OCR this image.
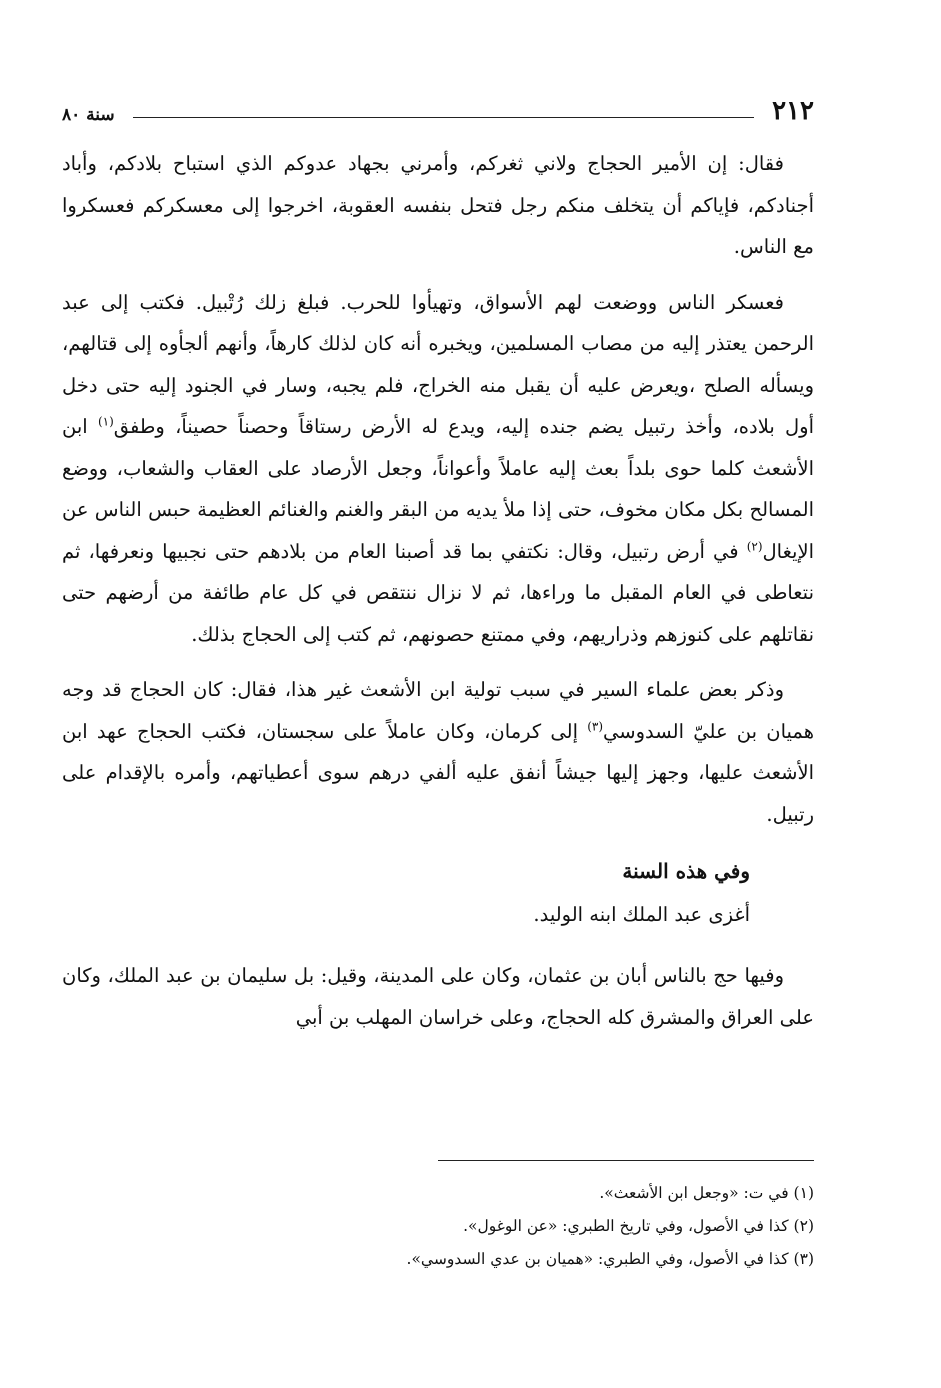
٢١٢
سنة ٨٠

فقال: إن الأمير الحجاج ولاني ثغركم، وأمرني بجهاد عدوكم الذي استباح بلادكم، وأباد أجنادكم، فإياكم أن يتخلف منكم رجل فتحل بنفسه العقوبة، اخرجوا إلى معسكركم فعسكروا مع الناس.

فعسكر الناس ووضعت لهم الأسواق، وتهيأوا للحرب. فبلغ زلك رُتْبيل. فكتب إلى عبد الرحمن يعتذر إليه من مصاب المسلمين، ويخبره أنه كان لذلك كارهاً، وأنهم ألجأوه إلى قتالهم، ويسأله الصلح ،ويعرض عليه أن يقبل منه الخراج، فلم يجبه، وسار في الجنود إليه حتى دخل أول بلاده، وأخذ رتبيل يضم جنده إليه، ويدع له الأرض رستاقاً وحصناً حصيناً، وطفق$^{(١)}$ ابن الأشعث كلما حوى بلداً بعث إليه عاملاً وأعواناً، وجعل الأرصاد على العقاب والشعاب، ووضع المسالح بكل مكان مخوف، حتى إذا ملأ يديه من البقر والغنم والغنائم العظيمة حبس الناس عن الإيغال$^{(٢)}$ في أرض رتبيل، وقال: نكتفي بما قد أصبنا العام من بلادهم حتى نجبيها ونعرفها، ثم نتعاطى في العام المقبل ما وراءها، ثم لا نزال ننتقص في كل عام طائفة من أرضهم حتى نقاتلهم على كنوزهم وذراريهم، وفي ممتنع حصونهم، ثم كتب إلى الحجاج بذلك.

وذكر بعض علماء السير في سبب تولية ابن الأشعث غير هذا، فقال: كان الحجاج قد وجه هميان بن عليّ السدوسي$^{(٣)}$ إلى كرمان، وكان عاملاً على سجستان، فكتب الحجاج عهد ابن الأشعث عليها، وجهز إليها جيشاً أنفق عليه ألفي درهم سوى أعطياتهم، وأمره بالإقدام على رتبيل.

وفي هذه السنة

أغزى عبد الملك ابنه الوليد.

وفيها حج بالناس أبان بن عثمان، وكان على المدينة، وقيل: بل سليمان بن عبد الملك، وكان على العراق والمشرق كله الحجاج، وعلى خراسان المهلب بن أبي

(١) في ت: «وجعل ابن الأشعث».

(٢) كذا في الأصول، وفي تاريخ الطبري: «عن الوغول».

(٣) كذا في الأصول، وفي الطبري: «هميان بن عدي السدوسي».
